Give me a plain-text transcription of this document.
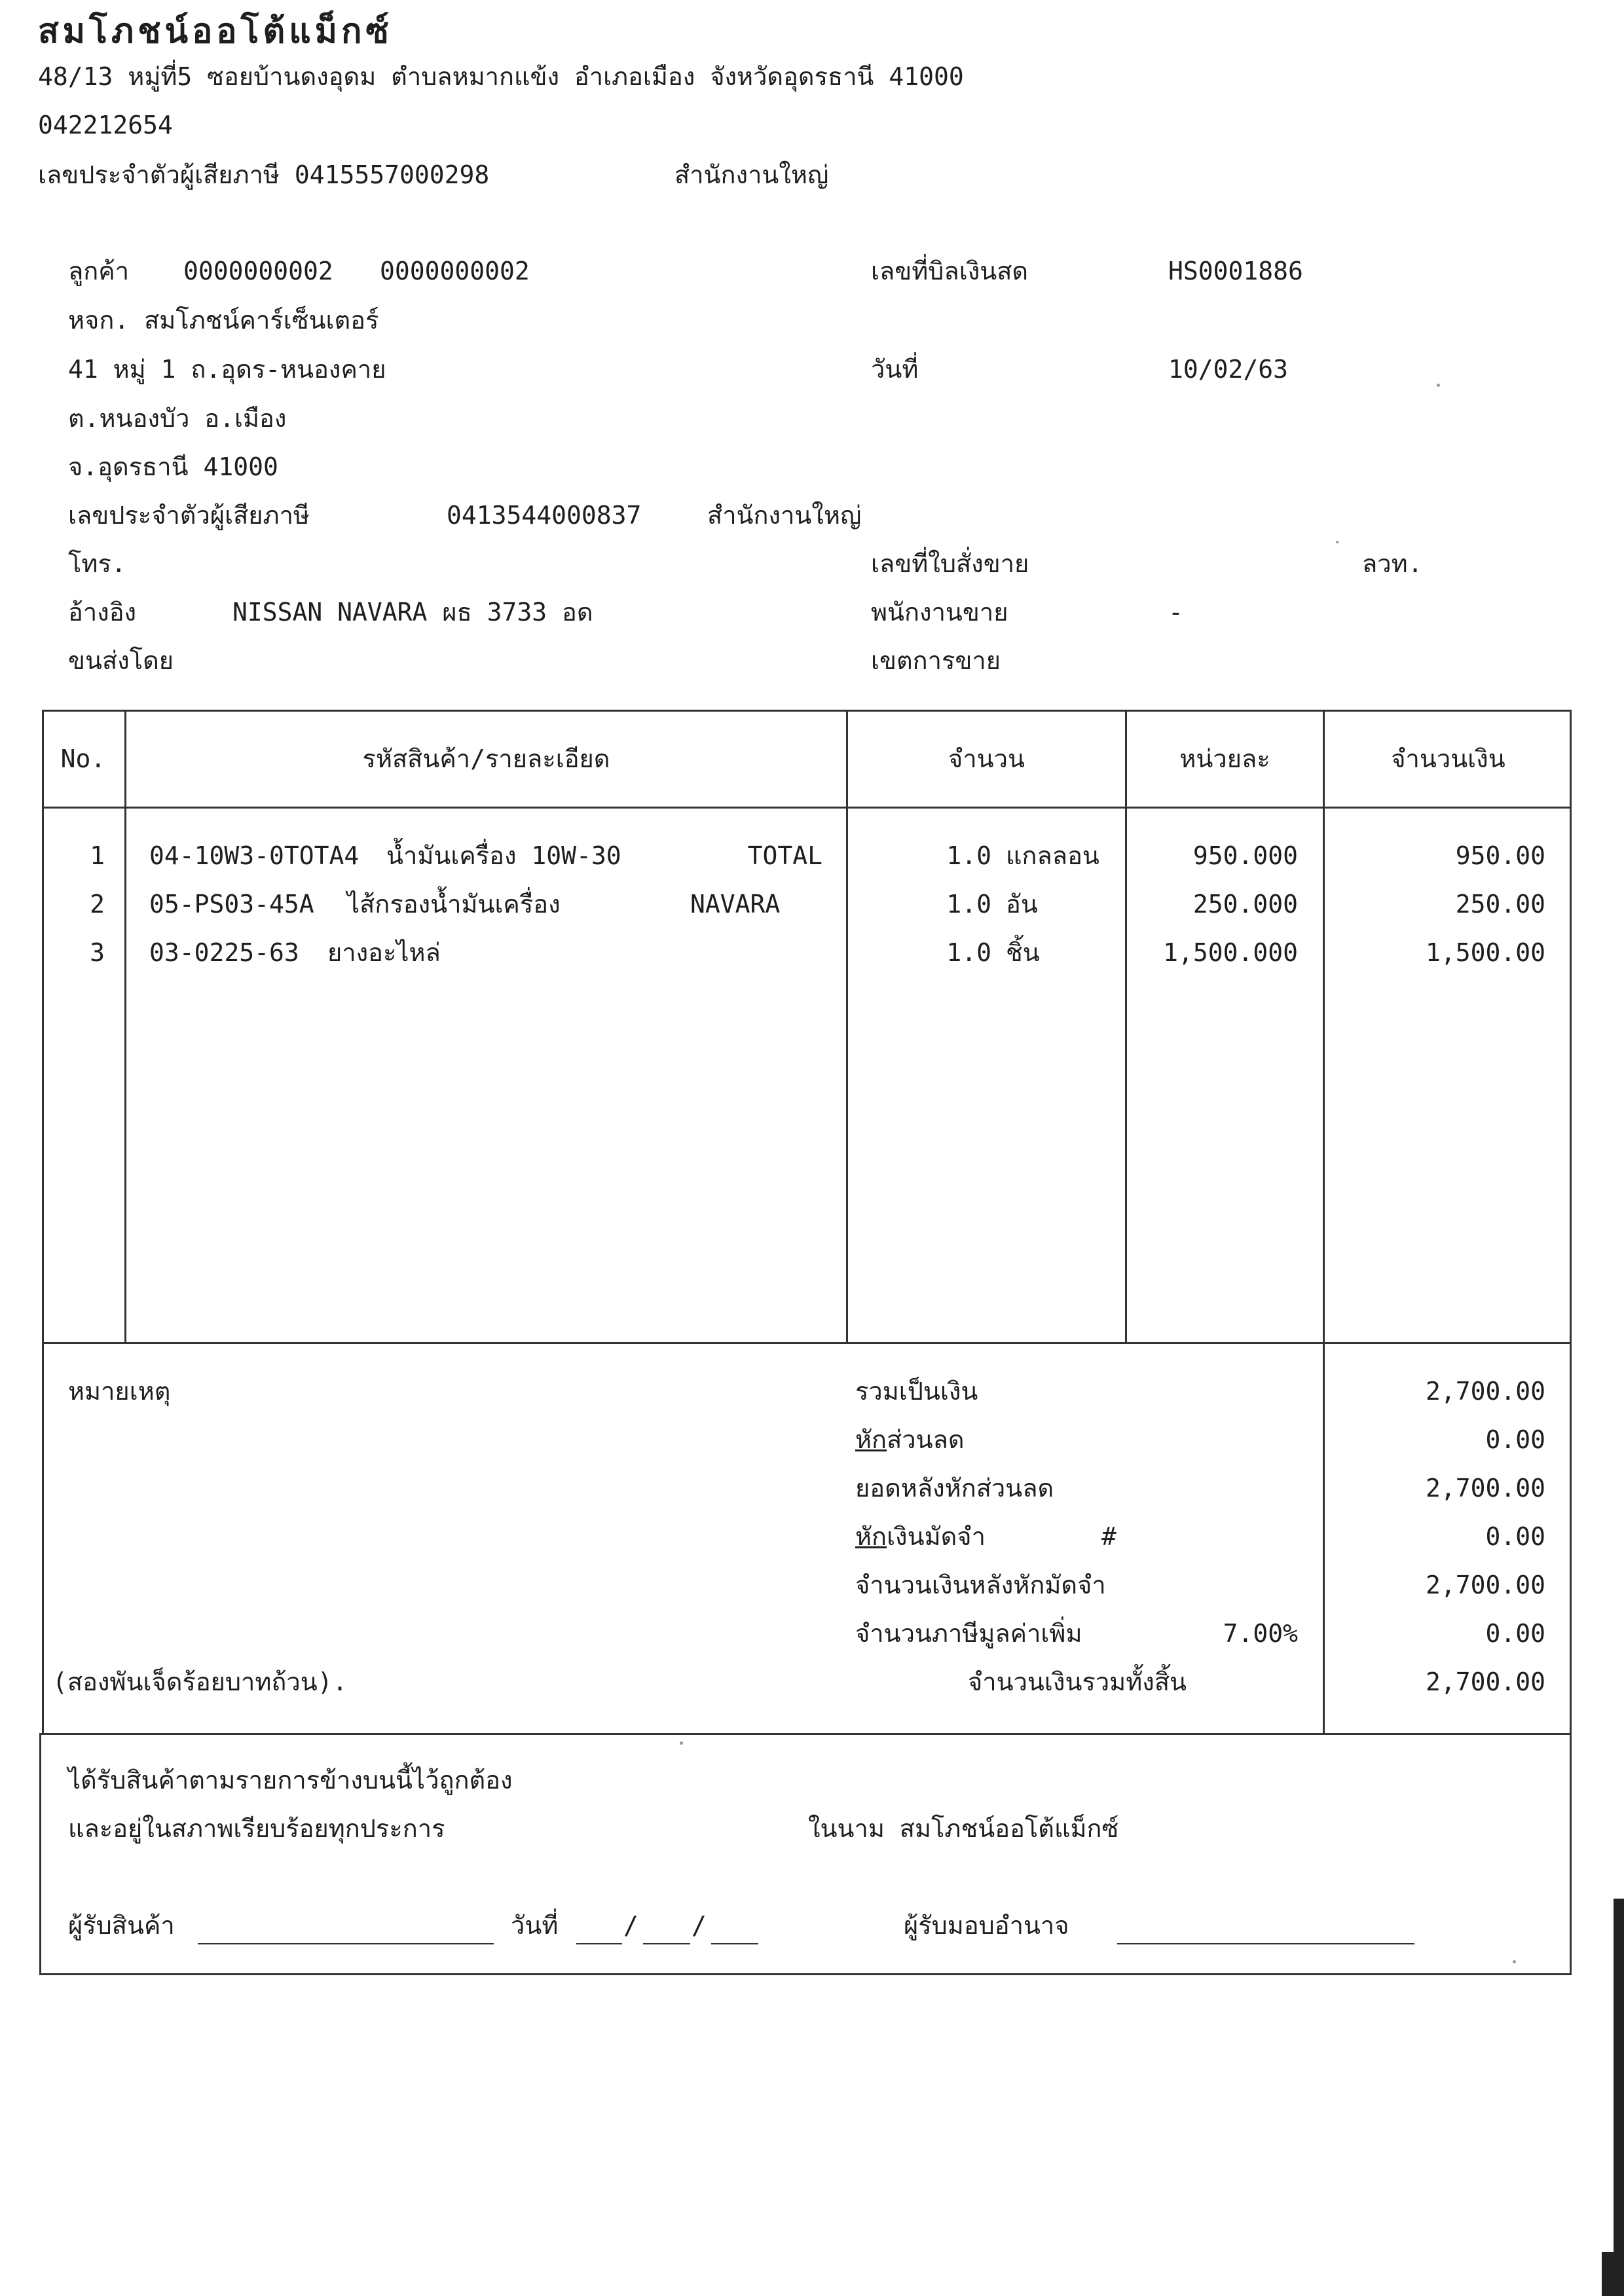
สมโภชน์ออโต้แม็กซ์
48/13 หมู่ที่5 ซอยบ้านดงอุดม ตำบลหมากแข้ง อำเภอเมือง จังหวัดอุดรธานี 41000
042212654
เลขประจำตัวผู้เสียภาษี 0415557000298	สำนักงานใหญ่
ลูกค้า 0000000002 0000000002
หจก. สมโภชน์คาร์เซ็นเตอร์
41 หมู่ 1 ถ.อุดร-หนองคาย
ต.หนองบัว อ.เมือง
จ.อุดรธานี 41000
เลขประจำตัวผู้เสียภาษี	0413544000837	สำนักงานใหญ่
โทร.
อ้างอิง	NISSAN NAVARA ผธ 3733 อด
ขนส่งโดย
เลขที่บิลเงินสด	HS0001886
วันที่	10/02/63
เลขที่ใบสั่งขาย	ลวท.
พนักงานขาย	-
เขตการขาย
No.	รหัสสินค้า/รายละเอียด	จำนวน	หน่วยละ	จำนวนเงิน
1 04-10W3-0TOTA4 น้ำมันเครื่อง 10W-30	TOTAL	1.0 แกลลอน	950.000	950.00
2 05-PS03-45A ไส้กรองน้ำมันเครื่อง	NAVARA	1.0 อัน	250.000	250.00
3 03-0225-63 ยางอะไหล่	1.0 ชิ้น	1,500.000	1,500.00
หมายเหตุ	รวมเป็นเงิน	2,700.00
หักส่วนลด	0.00
ยอดหลังหักส่วนลด	2,700.00
หักเงินมัดจำ	#	0.00
จำนวนเงินหลังหักมัดจำ	2,700.00
จำนวนภาษีมูลค่าเพิ่ม	7.00%	0.00
(สองพันเจ็ดร้อยบาทถ้วน).	จำนวนเงินรวมทั้งสิ้น	2,700.00
ได้รับสินค้าตามรายการข้างบนนี้ไว้ถูกต้อง
และอยู่ในสภาพเรียบร้อยทุกประการ	ในนาม สมโภชน์ออโต้แม็กซ์
ผู้รับสินค้า	วันที่	/ /	ผู้รับมอบอำนาจ
